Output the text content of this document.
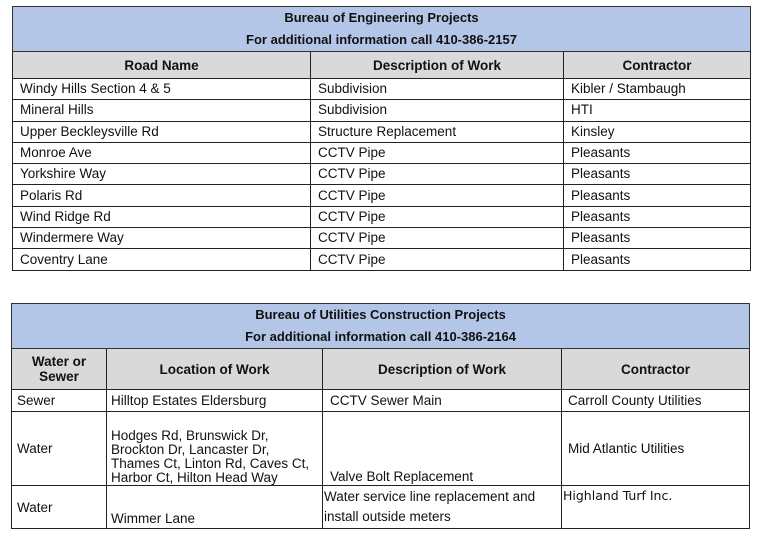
Bureau of Engineering Projects
For additional information call 410-386-2157		

Road Name	Description of Work	Contractor
Windy Hills Section 4 & 5	Subdivision	Kibler / Stambaugh
Mineral Hills	Subdivision	HTI
Upper Beckleysville Rd	Structure Replacement	Kinsley
Monroe Ave	CCTV Pipe	Pleasants
Yorkshire Way	CCTV Pipe	Pleasants
Polaris Rd	CCTV Pipe	Pleasants
Wind Ridge Rd	CCTV Pipe	Pleasants
Windermere Way	CCTV Pipe	Pleasants
Coventry Lane	CCTV Pipe	Pleasants
Bureau of Utilities Construction Projects
For additional information call 410-386-2164			

Water or Sewer	Location of Work	Description of Work	Contractor
Sewer	Hilltop Estates Eldersburg	CCTV Sewer Main	Carroll County Utilities
Water	Hodges Rd, Brunswick Dr, Brockton Dr, Lancaster Dr, Thames Ct, Linton Rd, Caves Ct, Harbor Ct, Hilton Head Way	Valve Bolt Replacement	Mid Atlantic Utilities
Water	Wimmer Lane	Water service line replacement and install outside meters	Highland Turf Inc.
